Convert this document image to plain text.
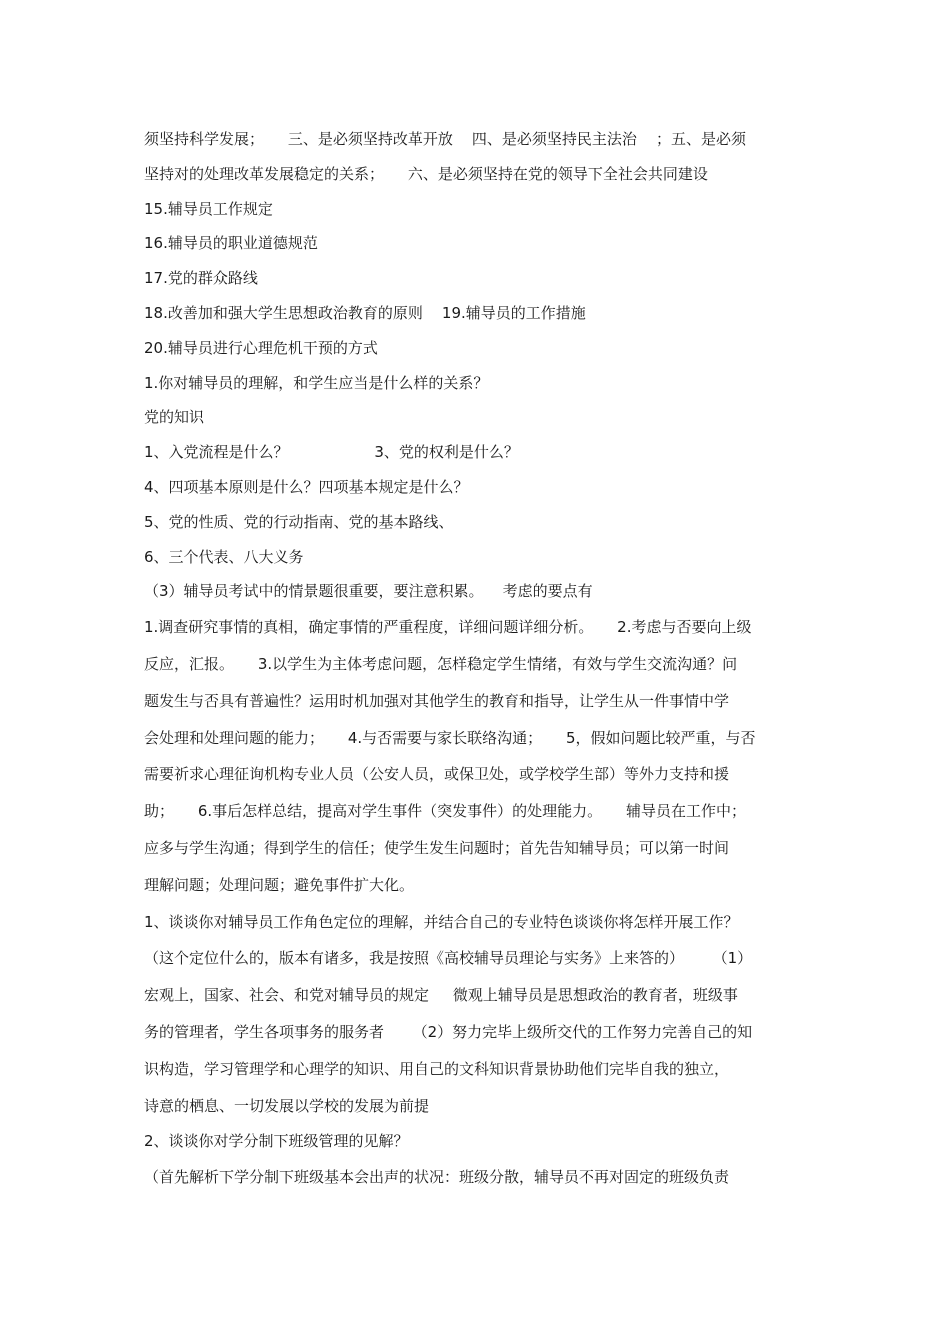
须坚持科学发展；     三、是必须坚持改革开放    四、是必须坚持民主法治    ；五、是必须
坚持对的处理改革发展稳定的关系；     六、是必须坚持在党的领导下全社会共同建设
15.辅导员工作规定
16.辅导员的职业道德规范
17.党的群众路线
18.改善加和强大学生思想政治教育的原则    19.辅导员的工作措施
20.辅导员进行心理危机干预的方式
1.你对辅导员的理解，和学生应当是什么样的关系？
党的知识
1、入党流程是什么？                  3、党的权利是什么？
4、四项基本原则是什么？四项基本规定是什么？
5、党的性质、党的行动指南、党的基本路线、
6、三个代表、八大义务
（3）辅导员考试中的情景题很重要，要注意积累。    考虑的要点有
1.调查研究事情的真相，确定事情的严重程度，详细问题详细分析。     2.考虑与否要向上级
反应，汇报。     3.以学生为主体考虑问题，怎样稳定学生情绪，有效与学生交流沟通？问
题发生与否具有普遍性？运用时机加强对其他学生的教育和指导，让学生从一件事情中学
会处理和处理问题的能力；     4.与否需要与家长联络沟通；     5，假如问题比较严重，与否
需要祈求心理征询机构专业人员（公安人员，或保卫处，或学校学生部）等外力支持和援
助；     6.事后怎样总结，提高对学生事件（突发事件）的处理能力。     辅导员在工作中；
应多与学生沟通；得到学生的信任；使学生发生问题时；首先告知辅导员；可以第一时间
理解问题；处理问题；避免事件扩大化。
1、谈谈你对辅导员工作角色定位的理解，并结合自己的专业特色谈谈你将怎样开展工作？
（这个定位什么的，版本有诸多，我是按照《高校辅导员理论与实务》上来答的）      （1）
宏观上，国家、社会、和党对辅导员的规定     微观上辅导员是思想政治的教育者，班级事
务的管理者，学生各项事务的服务者      （2）努力完毕上级所交代的工作努力完善自己的知
识构造，学习管理学和心理学的知识、用自己的文科知识背景协助他们完毕自我的独立，
诗意的栖息、一切发展以学校的发展为前提
2、谈谈你对学分制下班级管理的见解？
（首先解析下学分制下班级基本会出声的状况：班级分散，辅导员不再对固定的班级负责
